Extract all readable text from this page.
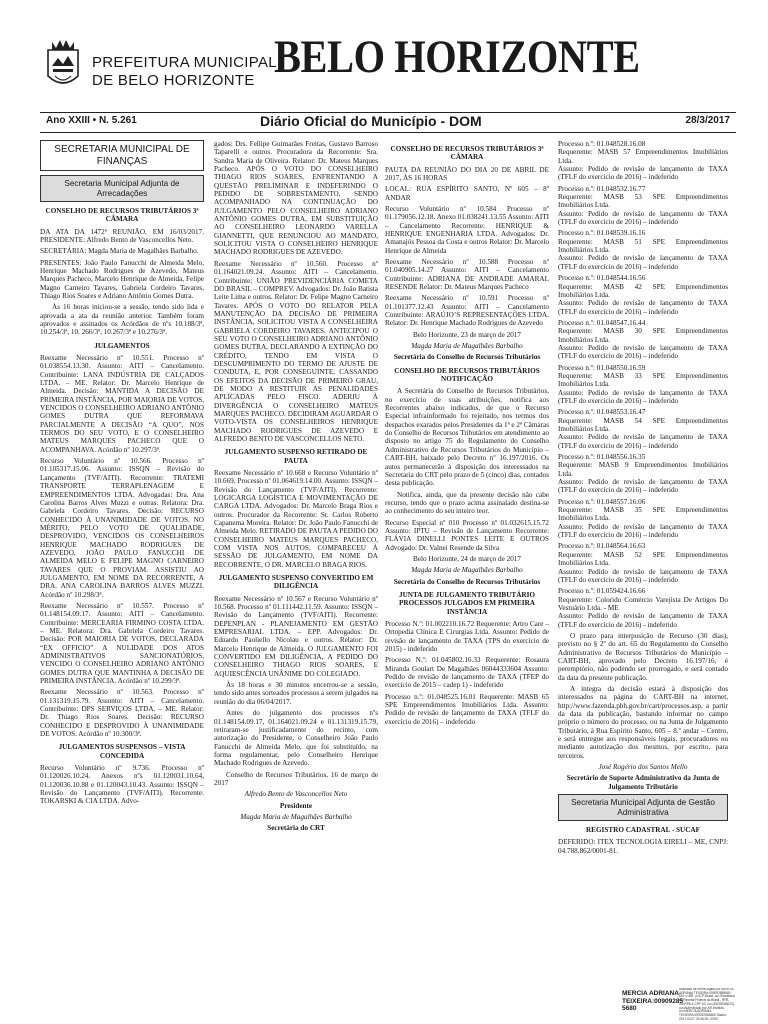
PREFEITURA MUNICIPAL
DE BELO HORIZONTE BELO HORIZONTE
Ano XXIII • N. 5.261	Diário Oficial do Município - DOM	28/3/2017
SECRETARIA MUNICIPAL DE FINANÇAS
Secretaria Municipal Adjunta de Arrecadações
CONSELHO DE RECURSOS TRIBUTÁRIOS 3ª CÂMARA

DA ATA DA 1472ª REUNIÃO, EM 16/03/2017. PRESIDENTE: Alfredo Bento de Vasconcellos Neto.

SECRETÁRIA: Magda Maria de Magalhães Barbalho.

PRESENTES: João Paulo Fanucchi de Almeida Melo, Henrique Machado Rodrigues de Azevedo, Mateus Marques Pacheco, Marcelo Henrique de Almeida, Felipe Magno Carneiro Tavares, Gabriela Cordeiro Tavares, Thiago Rios Soares e Adriano Antônio Gomes Dutra.

Às 16 horas iniciou-se a sessão, tendo sido lida e aprovada a ata da reunião anterior. Também foram aprovados e assinados os Acórdãos de nºs 10.188/3ª, 10.254/3ª, 10. 266/3ª, 10.267/3ª e 10.276/3ª.

JULGAMENTOS

Reexame Necessário nº 10.551. Processo nº 01.038554.13.30. Assunto: AITI – Cancelamento. Contribuinte: LANA INDÚSTRIA DE CALÇADOS LTDA. – ME. Relator: Dr. Marcelo Henrique de Almeida. Decisão: MANTIDA A DECISÃO DE PRIMEIRA INSTÂNCIA, POR MAIORIA DE VOTOS, VENCIDOS O CONSELHEIRO ADRIANO ANTÔNIO GOMES DUTRA QUE REFORMAVA PARCIALMENTE A DECISÃO “A QUO”, NOS TERMOS DO SEU VOTO, E O CONSELHEIRO MATEUS MARQUES PACHECO QUE O ACOMPANHAVA. Acórdão nº 10.297/3ª.

Recurso Voluntário nº 10.566. Processo nº 01.105317.15.06. Assunto: ISSQN – Revisão do Lançamento (TVF/AITI). Recorrente: TRATEMI TRANSPORTE TERRAPLENAGEM E EMPREENDIMENTOS LTDA. Advogadas: Dra. Ana Carolina Barros Alves Muzzi e outras. Relatora: Dra. Gabriela Cordeiro Tavares. Decisão: RECURSO CONHECIDO À UNANIMIDADE DE VOTOS. NO MÉRITO, PELO VOTO DE QUALIDADE, DESPROVIDO, VENCIDOS OS CONSELHEIROS HENRIQUE MACHADO RODRIGUES DE AZEVEDO, JOÃO PAULO FANUCCHI DE ALMEIDA MELO E FELIPE MAGNO CARNEIRO TAVARES QUE O PROVIAM. ASSISTIU AO JULGAMENTO, EM NOME DA RECORRENTE, A DRA. ANA CAROLINA BARROS ALVES MUZZI. Acórdão nº 10.298/3ª.

Reexame Necessário nº 10.557. Processo nº 01.148154.09.17. Assunto: AITI – Cancelamento. Contribuinte: MERCEARIA FIRMINO COSTA LTDA. – ME. Relatora: Dra. Gabriela Cordeiro Tavares. Decisão: POR MAIORIA DE VOTOS, DECLARADA “EX OFFICIO” A NULIDADE DOS ATOS ADMINISTRATIVOS SANCIONATÓRIOS, VENCIDO O CONSELHEIRO ADRIANO ANTÔNIO GOMES DUTRA QUE MANTINHA A DECISÃO DE PRIMEIRA INSTÂNCIA. Acórdão nº 10.299/3ª.

Reexame Necessário nº 10.563. Processo nº 01.131319.15.79. Assunto: AITI – Cancelamento. Contribuinte: DPS SERVIÇOS LTDA. – ME. Relator: Dr. Thiago Rios Soares. Decisão: RECURSO CONHECIDO E DESPROVIDO À UNANIMIDADE DE VOTOS. Acórdão nº 10.300/3ª.

JULGAMENTOS SUSPENSOS – VISTA CONCEDIDA

Recurso Voluntário nº 9.736. Processo nº 01.120026.10.24. Anexos nºs 01.120031.10.64, 01.120036.10.88 e 01.120043.10.43. Assunto: ISSQN – Revisão do Lançamento (TVF/AITI). Recorrente: TOKARSKI & CIA LTDA. Advo-

gados: Drs. Fellipe Guimarães Freitas, Gustavo Barroso Taparelli e outros. Procuradora da Recorrente: Sra. Sandra Maria de Oliveira. Relator: Dr. Mateus Marques Pacheco. APÓS O VOTO DO CONSELHEIRO THIAGO RIOS SOARES, ENFRENTANDO A QUESTÃO PRELIMINAR E INDEFERINDO O PEDIDO DE SOBRESTAMENTO, SENDO ACOMPANHADO NA CONTINUAÇÃO DO JULGAMENTO PELO CONSELHEIRO ADRIANO ANTÔNIO GOMES DUTRA, EM SUBSTITUIÇÃO AO CONSELHEIRO LEONARDO VARELLA GIANNETTI, QUE RENUNCIOU AO MANDATO, SOLICITOU VISTA O CONSELHEIRO HENRIQUE MACHADO RODRIGUES DE AZEVEDO.

Reexame Necessário nº 10.560. Processo nº 01.164021.09.24. Assunto: AITI – Cancelamento. Contribuinte: UNIÃO PREVIDENCIÁRIA COMETA DO BRASIL – COMPREV. Advogados: Dr. João Batista Leite Lima e outros. Relator: Dr. Felipe Magno Carneiro Tavares. APÓS O VOTO DO RELATOR PELA MANUTENÇÃO DA DECISÃO DE PRIMEIRA INSTÂNCIA, SOLICITOU VISTA A CONSELHEIRA GABRIELA CORDEIRO TAVARES. ANTECIPOU O SEU VOTO O CONSELHEIRO ADRIANO ANTÔNIO GOMES DUTRA, DECLARANDO A EXTINÇÃO DO CRÉDITO, TENDO EM VISTA O DESCUMPRIMENTO DO TERMO DE AJUSTE DE CONDUTA, E, POR CONSEGUINTE, CASSANDO OS EFEITOS DA DECISÃO DE PRIMEIRO GRAU, DE MODO A RESTITUIR AS PENALIDADES APLICADAS PELO FISCO. ADERIU À DIVERGÊNCIA O CONSELHEIRO MATEUS MARQUES PACHECO. DECIDIRAM AGUARDAR O VOTO-VISTA OS CONSELHEIROS HENRIQUE MACHADO RODRIGUES DE AZEVEDO E ALFREDO BENTO DE VASCONCELLOS NETO.

JULGAMENTO SUSPENSO RETIRADO DE PAUTA

Reexame Necessário nº 10.668 e Recurso Voluntário nº 10.669. Processo nº 01.064619.14.00. Assunto: ISSQN – Revisão do Lançamento (TVF/AITI). Recorrente: LOGICARGA LOGÍSTICA E MOVIMENTAÇÃO DE CARGA LTDA. Advogados: Dr. Marcelo Braga Rios e outros. Procurador da Recorrente: Sr. Carlos Roberto Capanema Moreira. Relator: Dr. João Paulo Fanucchi de Almeida Melo. RETIRADO DE PAUTA A PEDIDO DO CONSELHEIRO MATEUS MARQUES PACHECO, COM VISTA NOS AUTOS. COMPARECEU À SESSÃO DE JULGAMENTO, EM NOME DA RECORRENTE, O DR. MARCELO BRAGA RIOS.

JULGAMENTO SUSPENSO CONVERTIDO EM DILIGÊNCIA

Reexame Necessário nº 10.567 e Recurso Voluntário nº 10.568. Processo nº 01.111442.11.59. Assunto: ISSQN – Revisão do Lançamento (TVF/AITI). Recorrente: DEPENPLAN - PLANEJAMENTO EM GESTÃO EMPRESARIAL LTDA. – EPP. Advogados: Dr. Eduardo Paoliello Nicolau e outros. Relator: Dr. Marcelo Henrique de Almeida. O JULGAMENTO FOI CONVERTIDO EM DILIGÊNCIA, A PEDIDO DO CONSELHEIRO THIAGO RIOS SOARES, E AQUIESCÊNCIA UNÂNIME DO COLEGIADO.

Às 18 horas e 30 minutos encerrou-se a sessão, tendo sido antes sorteados processos a serem julgados na reunião do dia 06/04/2017.

Antes do julgamento dos processos nºs 01.148154.09.17, 01.164021.09.24 e 01.131319.15.79, retiraram-se justificadamente do recinto, com autorização do Presidente, o Conselheiro João Paulo Fanucchi de Almeida Melo, que foi substituído, na forma regulamentar, pelo Conselheiro Henrique Machado Rodrigues de Azevedo.

Conselho de Recursos Tributários, 16 de março de 2017

Alfredo Bento de Vasconcellos Neto

Presidente

Magda Maria de Magalhães Barbalho

Secretária do CRT

CONSELHO DE RECURSOS TRIBUTÁRIOS 3ª CÂMARA

PAUTA DA REUNIÃO DO DIA 20 DE ABRIL DE 2017, ÀS 16 HORAS

LOCAL: RUA ESPÍRITO SANTO, Nº 605 – 8º ANDAR

Recurso Voluntário nº 10.584 Processo nº 01.179056.12.18. Anexo 01.038241.13.55 Assunto: AITI – Cancelamento Recorrente: HENRIQUE & HENRIQUE ENGENHARIA LTDA. Advogados: Dr. Amanajós Pessoa da Costa e outros Relator: Dr. Marcelo Henrique de Almeida

Reexame Necessário nº 10.588 Processo nº 01.040905.14.27 Assunto: AITI – Cancelamento Contribuinte: ADRIANA DE ANDRADE AMARAL RESENDE Relator: Dr. Mateus Marques Pacheco

Reexame Necessário nº 10.591 Processo nº 01.101377.12.43 Assunto: AITI – Cancelamento Contribuinte: ARAÚJO’S REPRESENTAÇÕES LTDA. Relator: Dr. Henrique Machado Rodrigues de Azevedo

Belo Horizonte, 23 de março de 2017

Magda Maria de Magalhães Barbalho

Secretária do Conselho de Recursos Tributários

CONSELHO DE RECURSOS TRIBUTÁRIOS NOTIFICAÇÃO

A Secretária do Conselho de Recursos Tributários, no exercício de suas atribuições, notifica aos Recorrentes abaixo indicados, de que o Recurso Especial infrainformado foi rejeitado, nos termos dos despachos exarados pelos Presidentes da 1ª e 2ª Câmaras do Conselho de Recursos Tributários em atendimento ao disposto no artigo 75 do Regulamento do Conselho Administrativo de Recursos Tributários do Município – CART-BH, baixado pelo Decreto nº 16.197/2016. Os autos permanecerão à disposição dos interessados na Secretaria do CRT pelo prazo de 5 (cinco) dias, contados desta publicação.

Notifica, ainda, que da presente decisão não cabe recurso, tendo que o prazo acima assinalado destina-se ao conhecimento do seu inteiro teor.

Recurso Especial nº 010 Processo nº 01.032615.15.72 Assunto: IPTU – Revisão de Lançamento Recorrente: FLÁVIA DINELLI PONTES LEITE E OUTROS Advogado: Dr. Valnei Resende da Silva

Belo Horizonte, 24 de março de 2017

Magda Maria de Magalhães Barbalho

Secretária do Conselho de Recursos Tributários

JUNTA DE JULGAMENTO TRIBUTÁRIO PROCESSOS JULGADOS EM PRIMEIRA INSTÂNCIA

Processo N.º: 01.002210.16.72 Requerente: Artro Care – Ortopedia Clínica E Cirurgias Ltda. Assunto: Pedido de revisão de lançamento de TAXA (TPS do exercício de 2015) - indeferido

Processo N.º: 01.045802.16.33 Requerente: Rosaura Miranda Goulart De Magalhães 06044333604 Assunto: Pedido de revisão de lançamento de TAXA (TFEP do exercício de 2015 – cadep 1) - indeferido

Processo n.º: 01.048525.16.01 Requerente: MASB 65 SPE Empreendimentos Imobiliários Ltda. Assunto: Pedido de revisão de lançamento de TAXA (TFLF do exercício de 2016) – indeferido

Processo n.º: 01.048528.16.08
Requerente: MASB 57 Empreendimentos Imobiliários Ltda.
Assunto: Pedido de revisão de lançamento de TAXA (TFLF do exercício de 2016) – indeferido

Processo n.º: 01.048532.16.77
Requerente: MASB 53 SPE Empreendimentos Imobiliários Ltda.
Assunto: Pedido de revisão de lançamento de TAXA (TFLF do exercício de 2016) – indeferido

Processo n.º: 01.048539.16.16
Requerente: MASB 51 SPE Empreendimentos Imobiliários Ltda.
Assunto: Pedido de revisão de lançamento de TAXA (TFLF do exercício de 2016) – indeferido

Processo n.º: 01.048544.16.56
Requerente: MASB 42 SPE Empreendimentos Imobiliários Ltda.
Assunto: Pedido de revisão de lançamento de TAXA (TFLF do exercício de 2016) – indeferido

Processo n.º: 01.048547.16.44
Requerente: MASB 30 SPE Empreendimentos Imobiliários Ltda.
Assunto: Pedido de revisão de lançamento de TAXA (TFLF do exercício de 2016) – indeferido

Processo n.º: 01.048550.16.59
Requerente: MASB 33 SPE Empreendimentos Imobiliários Ltda.
Assunto: Pedido de revisão de lançamento de TAXA (TFLF do exercício de 2016) – indeferido

Processo n.º: 01.048553.16.47
Requerente: MASB 54 SPE Empreendimentos Imobiliários Ltda.
Assunto: Pedido de revisão de lançamento de TAXA (TFLF do exercício de 2016) – indeferido

Processo n.º: 01.048556.16.35
Requerente: MASB 9 Empreendimentos Imobiliários Ltda.
Assunto: Pedido de revisão de lançamento de TAXA (TFLF do exercício de 2016) – indeferido

Processo n.º: 01.048557.16.06
Requerente: MASB 35 SPE Empreendimentos Imobiliários Ltda.
Assunto: Pedido de revisão de lançamento de TAXA (TFLF do exercício de 2016) – indeferido

Processo n.º: 01.048564.16.63
Requerente: MASB 52 SPE Empreendimentos Imobiliários Ltda.
Assunto: Pedido de revisão de lançamento de TAXA (TFLF do exercício de 2016) – indeferido

Processo n.º: 01.059424.16.66
Requerente: Colorido Comércio Varejista De Artigos Do Vestuário Ltda. - ME
Assunto: Pedido de revisão de lançamento de TAXA (TFLF do exercício de 2016) - indeferido

O prazo para interposição de Recurso (30 dias), previsto no § 2º do art. 65 do Regulamento do Conselho Administrativo de Recursos Tributários do Município – CART-BH, aprovado pelo Decreto 16.197/16, é peremptório, não podendo ser prorrogado, e será contado da data da presente publicação.

A íntegra da decisão estará à disposição dos interessados na página do CART-BH na internet, http://www.fazenda.pbh.gov.br/cart/processos.asp, a partir da data da publicação, bastando informar no campo próprio o número do processo, ou na Junta de Julgamento Tributário, à Rua Espírito Santo, 605 – 8.º andar – Centro, e será entregue aos responsáveis legais, procuradores ou mediante autorização dos mesmos, por escrito, para terceiros.

José Rogério dos Santos Mello

Secretário de Suporte Administrativo da Junta de Julgamento Tributário

Secretaria Municipal Adjunta de Gestão Administrativa
REGISTRO CADASTRAL - SUCAF

DEFERIDO: ITEX TECNOLOGIA EIRELI – ME, CNPJ: 04.788.862/0001-81.

MERCIA ADRIANA
TEIXEIRA:00909285
5680
Assinado de forma digital por MERCIA ADRIANA TEIXEIRA:009092855680 DN: c=BR, o=ICP-Brasil, ou=Secretaria da Receita Federal do Brasil - RFB, ou=RFB e-CPF A3, ou=(EM BRANCO), ou=Autenticado por AR Instituto, cn=MERCIA ADRIANA TEIXEIRA:009092855680 Dados: 2017.03.27 22:46:00 -03'00'
